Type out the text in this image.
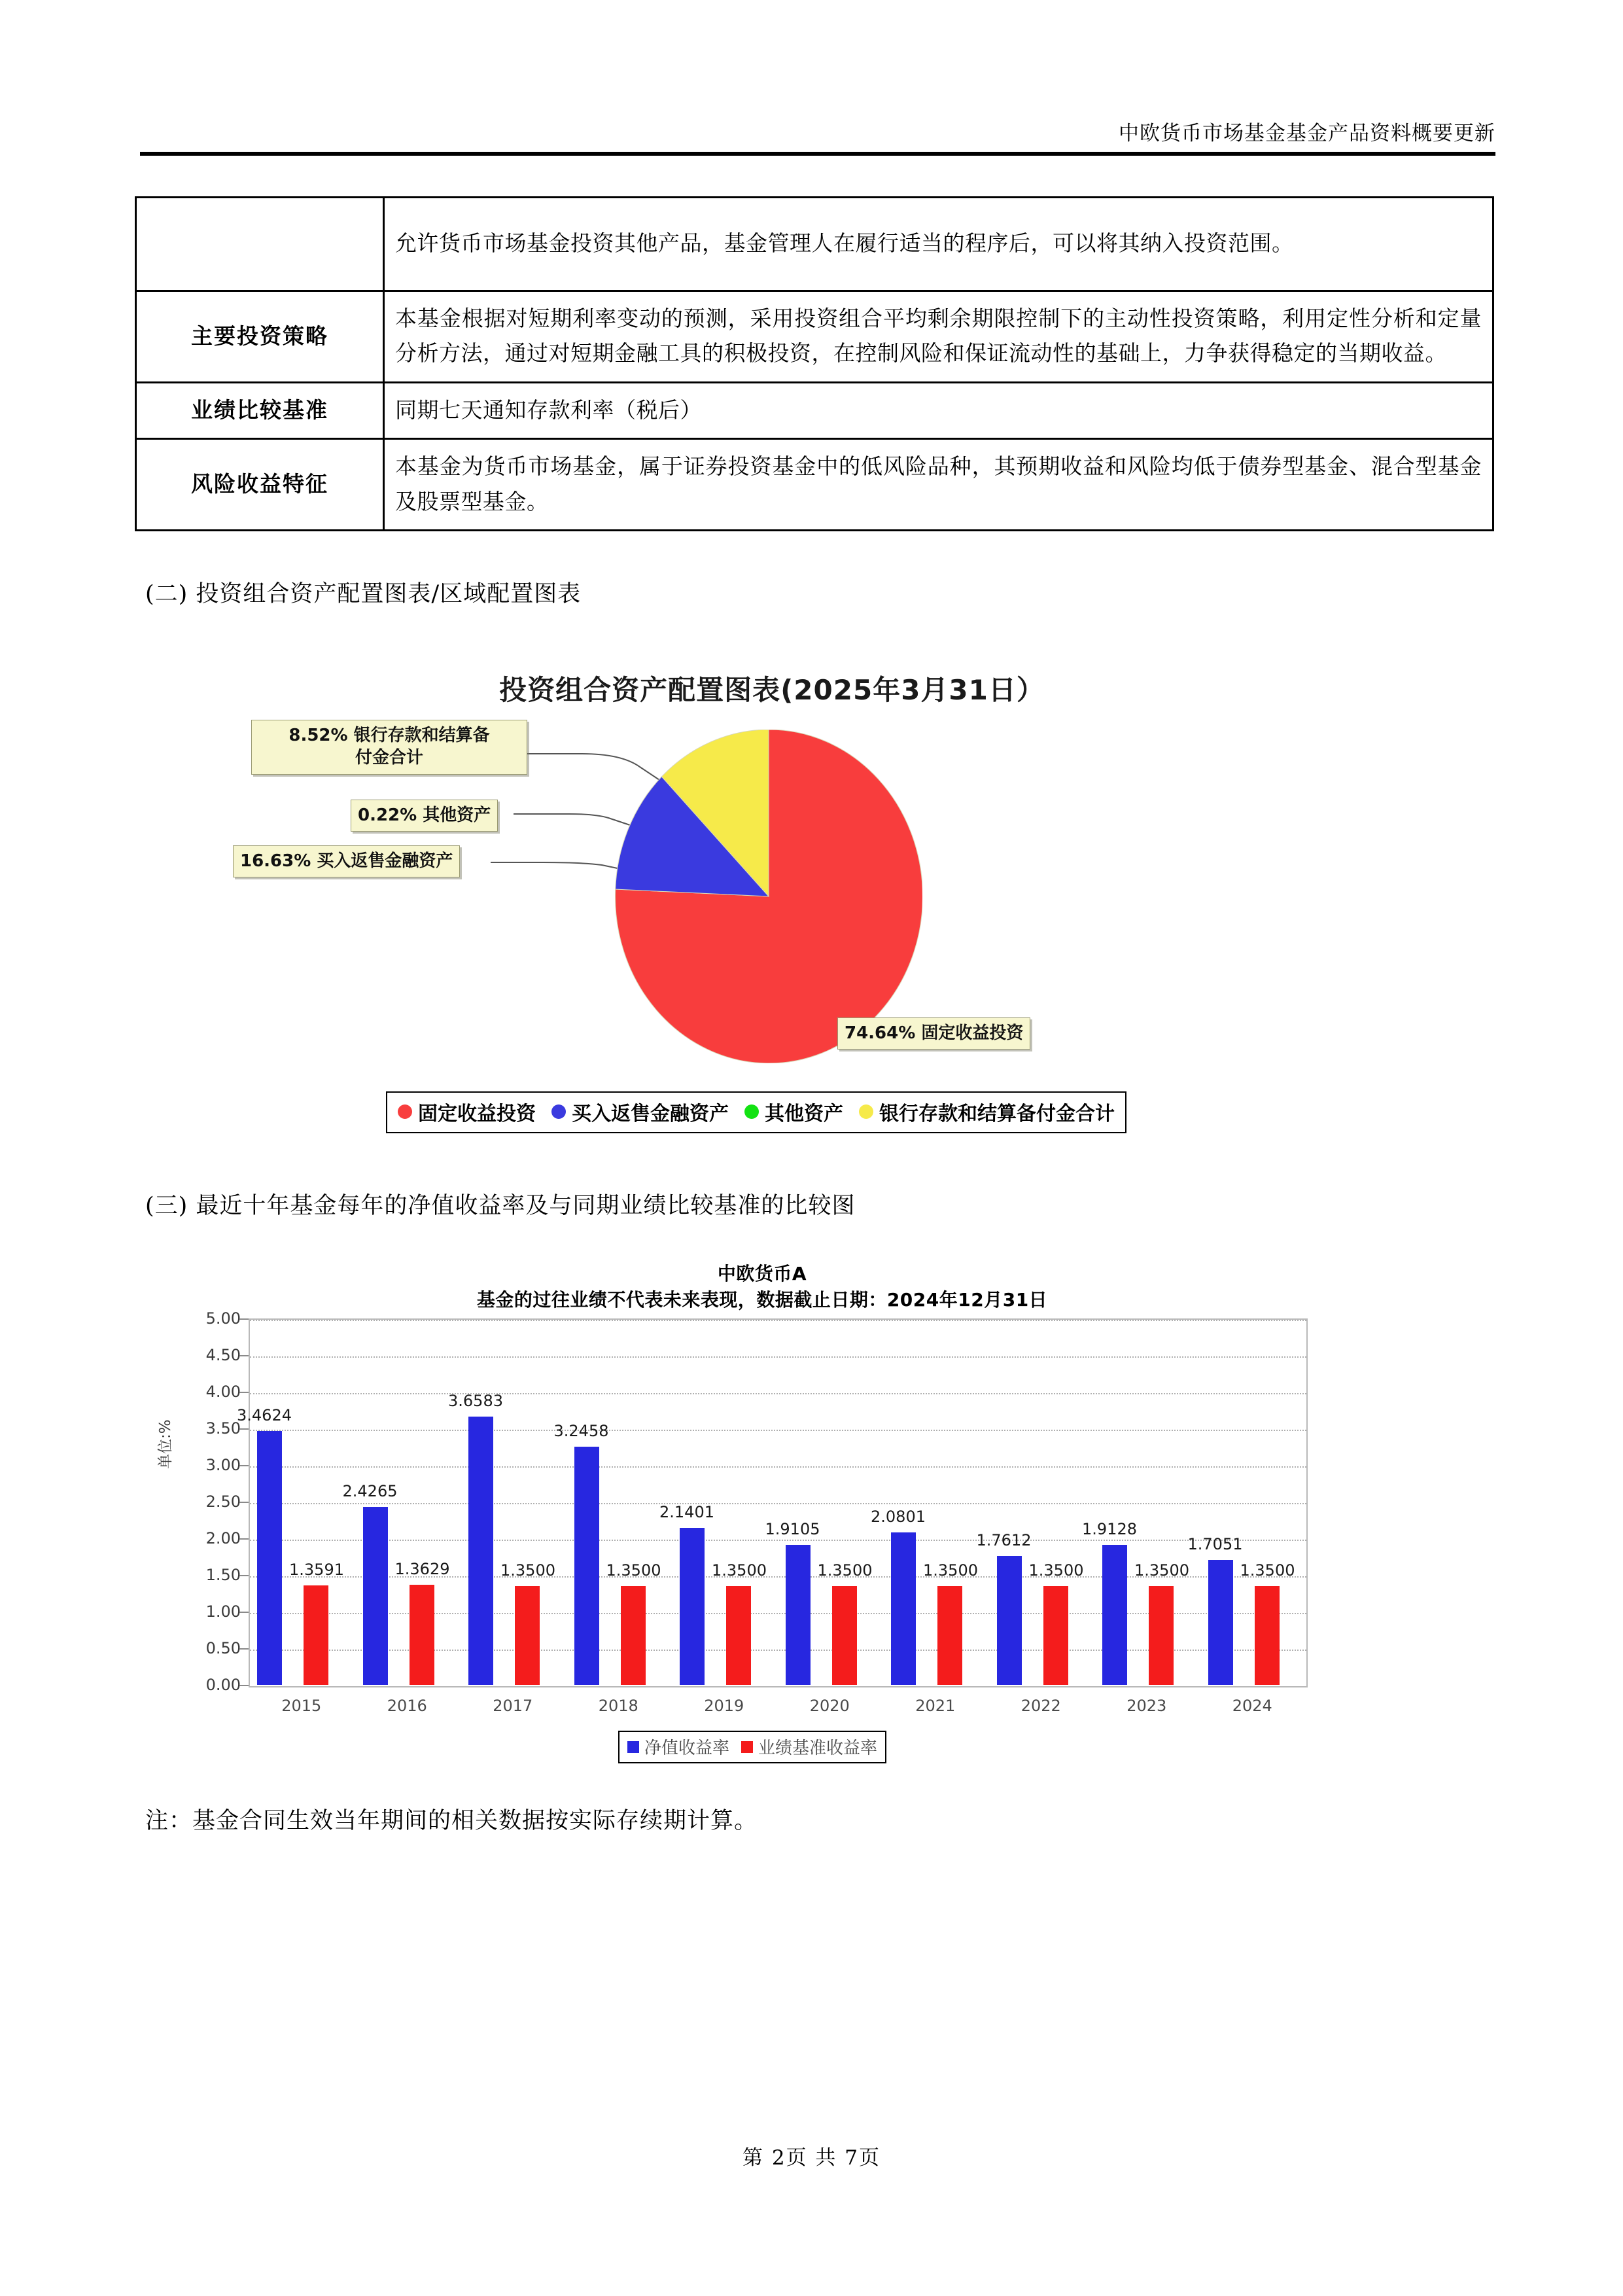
中欧货币市场基金基金产品资料概要更新
	允许货币市场基金投资其他产品，基金管理人在履行适当的程序后，可以将其纳入投资范围。
主要投资策略	本基金根据对短期利率变动的预测，采用投资组合平均剩余期限控制下的主动性投资策略，利用定性分析和定量分析方法，通过对短期金融工具的积极投资，在控制风险和保证流动性的基础上，力争获得稳定的当期收益。
业绩比较基准	同期七天通知存款利率（税后）
风险收益特征	本基金为货币市场基金，属于证券投资基金中的低风险品种，其预期收益和风险均低于债券型基金、混合型基金及股票型基金。
(二) 投资组合资产配置图表/区域配置图表
投资组合资产配置图表(2025年3月31日）
8.52% 银行存款和结算备
付金合计
0.22% 其他资产
16.63% 买入返售金融资产
74.64% 固定收益投资
固定收益投资 买入返售金融资产 其他资产 银行存款和结算备付金合计
(三) 最近十年基金每年的净值收益率及与同期业绩比较基准的比较图
中欧货币A
基金的过往业绩不代表未来表现，数据截止日期：2024年12月31日
单位:%
0.00
0.50
1.00
1.50
2.00
2.50
3.00
3.50
4.00
4.50
5.00
3.4624
1.3591
2.4265
1.3629
3.6583
1.3500
3.2458
1.3500
2.1401
1.3500
1.9105
1.3500
2.0801
1.3500
1.7612
1.3500
1.9128
1.3500
1.7051
1.3500
2015	2016	2017	2018	2019	2020	2021	2022	2023	2024
净值收益率 业绩基准收益率
注：基金合同生效当年期间的相关数据按实际存续期计算。
第 2页 共 7页
